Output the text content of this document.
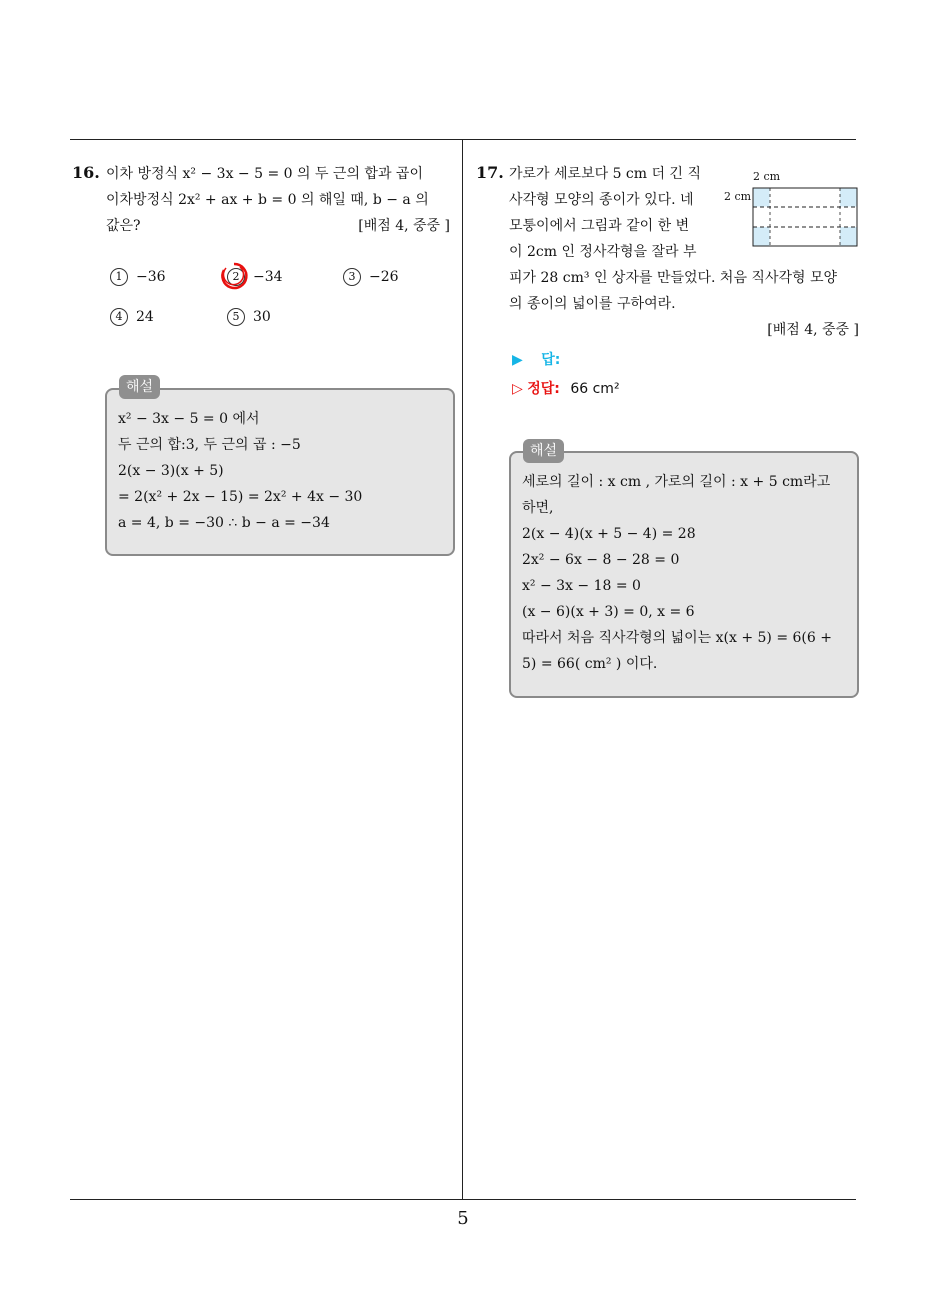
5
16. 이차 방정식 x² − 3x − 5 = 0 의 두 근의 합과 곱이
이차방정식 2x² + ax + b = 0 의 해일 때, b − a 의
값은?	[배점 4, 중중 ]
1 −36	2 −34	3 −26
4 24	5 30
해설
x² − 3x − 5 = 0 에서
두 근의 합:3, 두 근의 곱 : −5
2(x − 3)(x + 5)
= 2(x² + 2x − 15) = 2x² + 4x − 30
a = 4, b = −30 ∴ b − a = −34
17. 가로가 세로보다 5 cm 더 긴 직
사각형 모양의 종이가 있다. 네
모퉁이에서 그림과 같이 한 변
이 2cm 인 정사각형을 잘라 부
피가 28 cm³ 인 상자를 만들었다. 처음 직사각형 모양
의 종이의 넓이를 구하여라.
[배점 4, 중중 ]
2 cm
2 cm
▶ 답:
▷ 정답: 66 cm²
해설
세로의 길이 : x cm , 가로의 길이 : x + 5 cm라고
하면,
2(x − 4)(x + 5 − 4) = 28
2x² − 6x − 8 − 28 = 0
x² − 3x − 18 = 0
(x − 6)(x + 3) = 0, x = 6
따라서 처음 직사각형의 넓이는 x(x + 5) = 6(6 +
5) = 66( cm² ) 이다.
